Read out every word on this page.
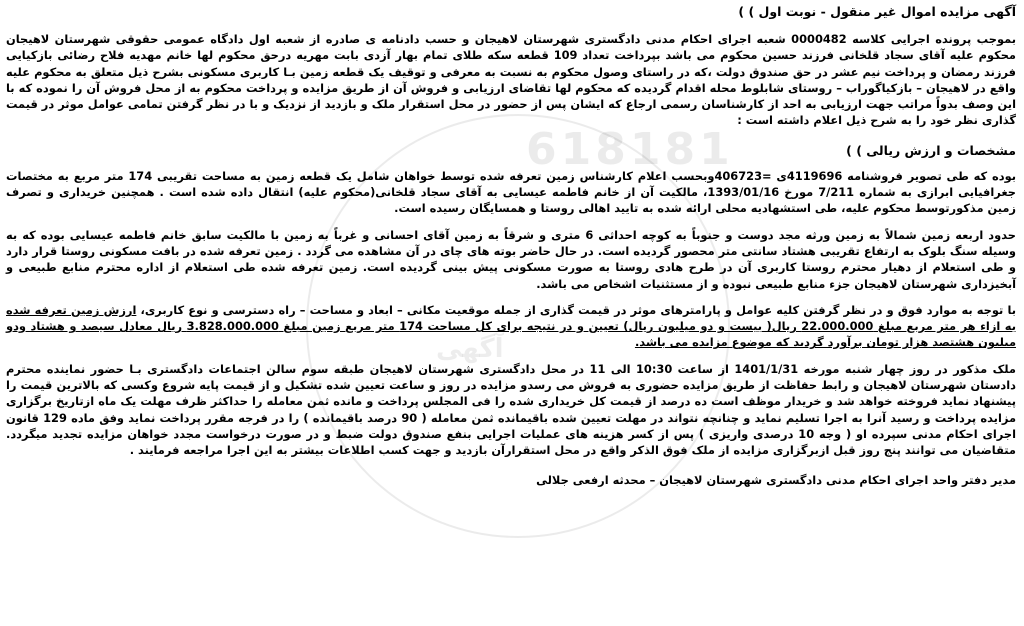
618181
آگهی
آگهی مزایده اموال غیر منقول - نوبت اول ) )

بموجب پرونده اجرایی کلاسه 0000482 شعبه اجرای احکام مدنی دادگستری شهرستان لاهیجان و حسب دادنامه ی صادره از شعبه اول دادگاه عمومی حقوقی شهرستان لاهیجان محکوم علیه آقای سجاد قلخانی فرزند حسین محکوم می باشد بپرداخت تعداد 109 قطعه سکه طلای تمام بهار آزدی بابت مهریه درحق محکوم لها خانم مهدیه فلاح رضائی بازکیایی فرزند رمضان و پرداخت نیم عشر در حق صندوق دولت ،که در راستای وصول محکوم به نسبت به معرفی و توقیف یک قطعه زمین بـا کاربری مسکونی بشرح ذیل متعلق به محکوم علیه واقع در لاهیجان – بازکیاگوراب – روستای شابلوط محله اقدام گردیده که محکوم لها تقاضای ارزیابی و فروش آن از طریق مزایده و پرداخت محکوم به از محل فروش آن را نموده که با این وصف بدواً مراتب جهت ارزیابی به احد از کارشناسان رسمی ارجاع که ایشان پس از حضور در محل استقرار ملک و بازدید از نزدیک و با در نظر گرفتن تمامی عوامل موثر در قیمت گذاری نظر خود را به شرح ذیل اعلام داشته است :

مشخصات و ارزش ریالی ) )

بوده که طی تصویر فروشنامه 4119696ی =406723وبحسب اعلام کارشناس زمین تعرفه شده توسط خواهان شامل یک قطعه زمین به مساحت تقریبی 174 متر مربع به مختصات جغرافیایی ابرازی به شماره 7/211 مورخ 1393/01/16، مالکیت آن از خانم فاطمه عیسایی به آقای سجاد قلخانی(محکوم علیه) انتقال داده شده است . همچنین خریداری و تصرف زمین مذکورتوسط محکوم علیه، طی استشهادیه محلی ارائه شده به تایید اهالی روستا و همسایگان رسیده است.

حدود اربعه زمین شمالاً به زمین ورثه مجد دوست و جنوباً به کوچه احداثی 6 متری و شرقاً به زمین آقای احسانی و غرباً به زمین با مالکیت سابق خانم فاطمه عیسایی بوده که به وسیله سنگ بلوک به ارتفاع تقریبی هشتاد سانتی متر محصور گردیده است. در حال حاضر بوته های چای در آن مشاهده می گردد . زمین تعرفه شده در بافت مسکونی روستا قرار دارد و طی استعلام از دهیار محترم روستا کاربری آن در طرح هادی روستا به صورت مسکونی پیش بینی گردیده است. زمین تعرفه شده طی استعلام از اداره محترم منابع طبیعی و آبخیزداری شهرستان لاهیجان جزء منابع طبیعی نبوده و از مستثنیات اشخاص می باشد.

با توجه به موارد فوق و در نظر گرفتن کلیه عوامل و پارامترهای موثر در قیمت گذاری از جمله موقعیت مکانی – ابعاد و مساحت – راه دسترسی و نوع کاربری، ارزش زمین تعرفه شده به ازاء هر متر مربع مبلغ 22.000.000 ریال( بیست و دو میلیون ریال) تعیین و در نتیجه برای کل مساحت 174 متر مربع زمین مبلغ 3.828.000.000 ریال معادل سیصد و هشتاد ودو میلیون هشتصد هزار تومان برآورد گردید که موضوع مزایده می باشد.

ملک مذکور در روز چهار شنبه مورخه 1401/1/31 از ساعت 10:30 الی 11 در محل دادگستری شهرستان لاهیجان طبقه سوم سالن اجتماعات دادگستری بـا حضور نماینده محترم دادستان شهرستان لاهیجان و رابط حفاظت از طریق مزایده حضوری به فروش می رسدو مزایده در روز و ساعت تعیین شده تشکیل و از قیمت پایه شروع وکسی که بالاترین قیمت را پیشنهاد نماید فروخته خواهد شد و خریدار موظف است ده درصد از قیمت کل خریداری شده را فی المجلس پرداخت و مانده ثمن معامله را حداکثر ظرف مهلت یک ماه ازتاریخ برگزاری مزایده پرداخت و رسید آنرا به اجرا تسلیم نماید و چنانچه نتواند در مهلت تعیین شده باقیمانده ثمن معامله ( 90 درصد باقیمانده ) را در فرجه مقرر پرداخت نماید وفق ماده 129 قانون اجرای احکام مدنی سپرده او ( وجه 10 درصدی واریزی ) پس از کسر هزینه های عملیات اجرایی بنفع صندوق دولت ضبط و در صورت درخواست مجدد خواهان مزایده تجدید میگردد. متقاضیان می توانند پنج روز قبل ازبرگزاری مزایده از ملک فوق الذکر واقع در محل استقرارآن بازدید و جهت کسب اطلاعات بیشتر به این اجرا مراجعه فرمایند .

مدیر دفتر واحد اجرای احکام مدنی دادگستری شهرستان لاهیجان – محدثه ارفعی جلالی
